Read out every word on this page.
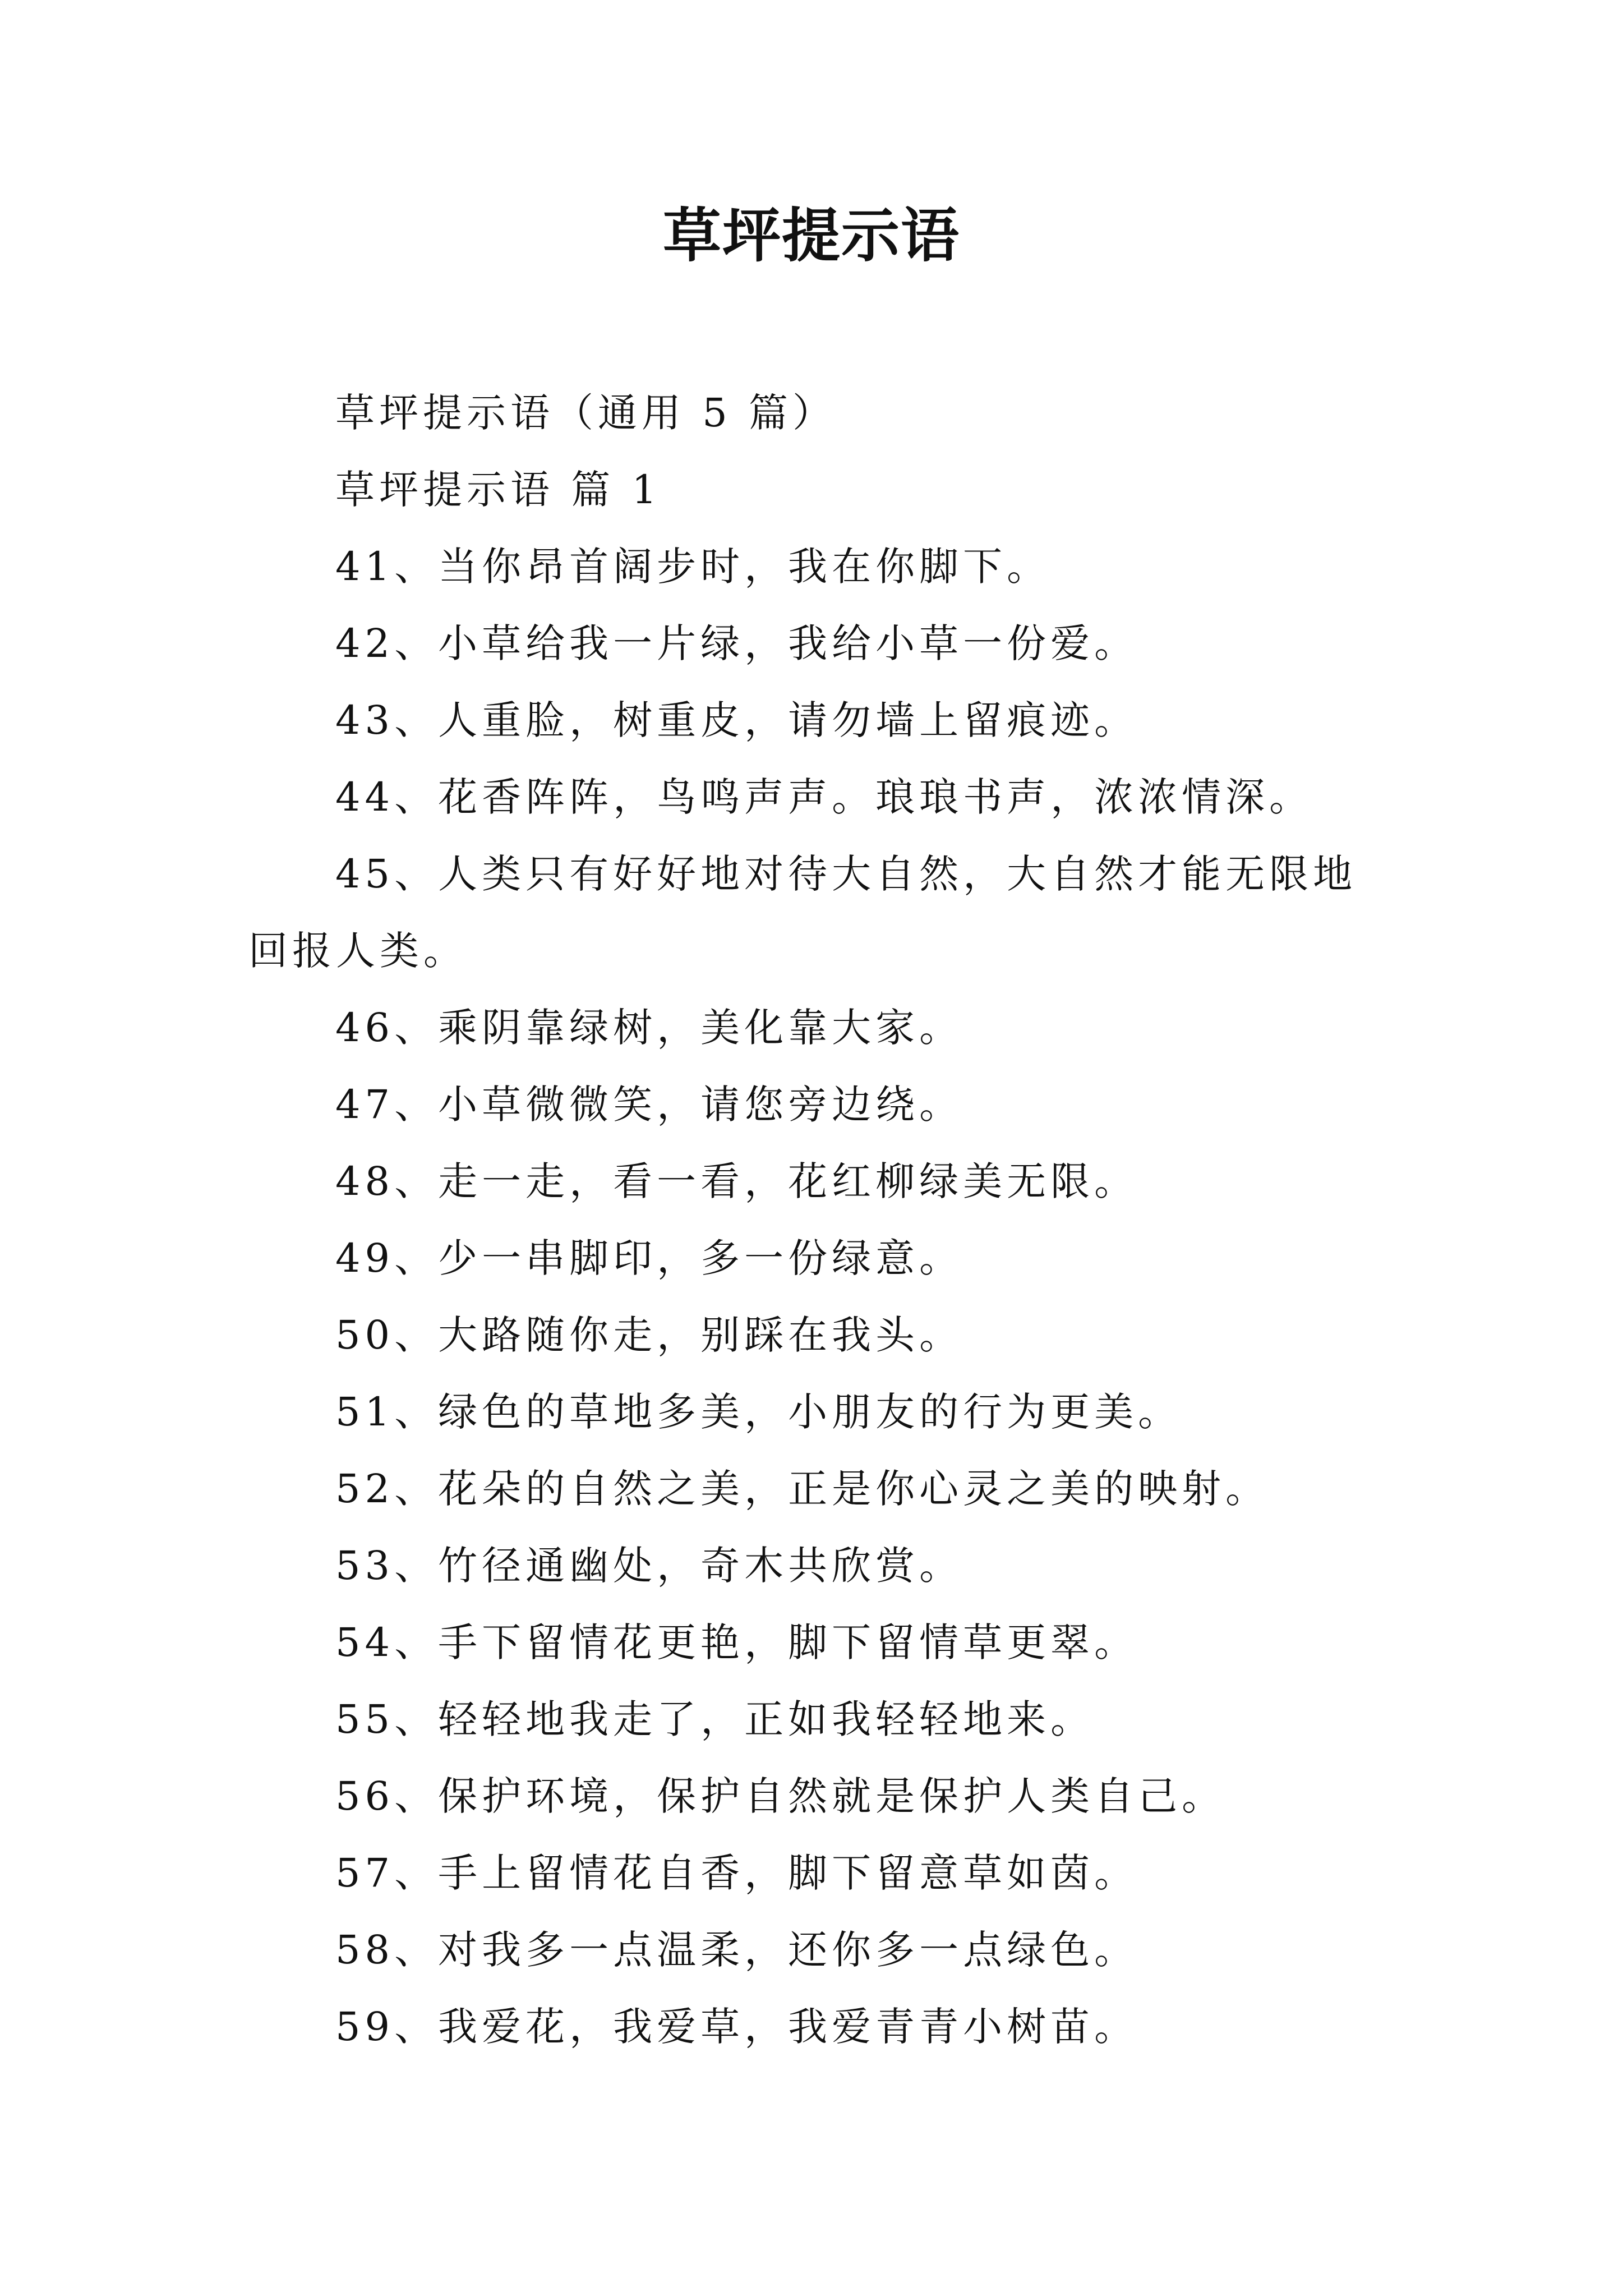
草坪提示语

草坪提示语（通用 5 篇）

草坪提示语 篇 1

41、当你昂首阔步时，我在你脚下。

42、小草给我一片绿，我给小草一份爱。

43、人重脸，树重皮，请勿墙上留痕迹。

44、花香阵阵，鸟鸣声声。琅琅书声，浓浓情深。

45、人类只有好好地对待大自然，大自然才能无限地回报人类。

46、乘阴靠绿树，美化靠大家。

47、小草微微笑，请您旁边绕。

48、走一走，看一看，花红柳绿美无限。

49、少一串脚印，多一份绿意。

50、大路随你走，别踩在我头。

51、绿色的草地多美，小朋友的行为更美。

52、花朵的自然之美，正是你心灵之美的映射。

53、竹径通幽处，奇木共欣赏。

54、手下留情花更艳，脚下留情草更翠。

55、轻轻地我走了，正如我轻轻地来。

56、保护环境，保护自然就是保护人类自己。

57、手上留情花自香，脚下留意草如茵。

58、对我多一点温柔，还你多一点绿色。

59、我爱花，我爱草，我爱青青小树苗。
